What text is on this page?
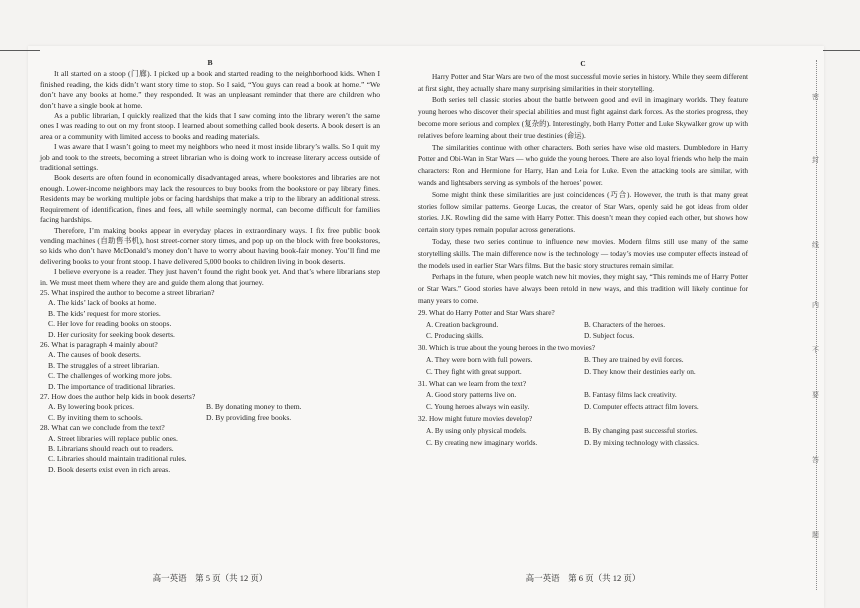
B

It all started on a stoop (门廊). I picked up a book and started reading to the neighborhood kids. When I finished reading, the kids didn’t want story time to stop. So I said, “You guys can read a book at home.” “We don’t have any books at home.” they responded. It was an unpleasant reminder that there are children who don’t have a single book at home.

As a public librarian, I quickly realized that the kids that I saw coming into the library weren’t the same ones I was reading to out on my front stoop. I learned about something called book deserts. A book desert is an area or a community with limited access to books and reading materials.

I was aware that I wasn’t going to meet my neighbors who need it most inside library’s walls. So I quit my job and took to the streets, becoming a street librarian who is doing work to increase literary access outside of traditional settings.

Book deserts are often found in economically disadvantaged areas, where bookstores and libraries are not enough. Lower-income neighbors may lack the resources to buy books from the bookstore or pay library fines. Residents may be working multiple jobs or facing hardships that make a trip to the library an additional stress. Requirement of identification, fines and fees, all while seemingly normal, can become difficult for families facing hardships.

Therefore, I’m making books appear in everyday places in extraordinary ways. I fix free public book vending machines (自助售书机), host street-corner story times, and pop up on the block with free bookstores, so kids who don’t have McDonald’s money don’t have to worry about having book-fair money. You’ll find me delivering books to your front stoop. I have delivered 5,000 books to children living in book deserts.

I believe everyone is a reader. They just haven’t found the right book yet. And that’s where librarians step in. We must meet them where they are and guide them along that journey.

25. What inspired the author to become a street librarian?

A. The kids’ lack of books at home.

B. The kids’ request for more stories.

C. Her love for reading books on stoops.

D. Her curiosity for seeking book deserts.

26. What is paragraph 4 mainly about?

A. The causes of book deserts.

B. The struggles of a street librarian.

C. The challenges of working more jobs.

D. The importance of traditional libraries.

27. How does the author help kids in book deserts?

A. By lowering book prices.	B. By donating money to them.
C. By inviting them to schools.	D. By providing free books.

28. What can we conclude from the text?

A. Street libraries will replace public ones.

B. Librarians should reach out to readers.

C. Libraries should maintain traditional rules.

D. Book deserts exist even in rich areas.

高一英语　第 5 页（共 12 页）
C

Harry Potter and Star Wars are two of the most successful movie series in history. While they seem different at first sight, they actually share many surprising similarities in their storytelling.

Both series tell classic stories about the battle between good and evil in imaginary worlds. They feature young heroes who discover their special abilities and must fight against dark forces. As the stories progress, they become more serious and complex (复杂的). Interestingly, both Harry Potter and Luke Skywalker grow up with relatives before learning about their true destinies (命运).

The similarities continue with other characters. Both series have wise old masters. Dumbledore in Harry Potter and Obi-Wan in Star Wars — who guide the young heroes. There are also loyal friends who help the main characters: Ron and Hermione for Harry, Han and Leia for Luke. Even the attacking tools are similar, with wands and lightsabers serving as symbols of the heroes’ power.

Some might think these similarities are just coincidences (巧合). However, the truth is that many great stories follow similar patterns. George Lucas, the creator of Star Wars, openly said he got ideas from older stories. J.K. Rowling did the same with Harry Potter. This doesn’t mean they copied each other, but shows how certain story types remain popular across generations.

Today, these two series continue to influence new movies. Modern films still use many of the same storytelling skills. The main difference now is the technology — today’s movies use computer effects instead of the models used in earlier Star Wars films. But the basic story structures remain similar.

Perhaps in the future, when people watch new hit movies, they might say, “This reminds me of Harry Potter or Star Wars.” Good stories have always been retold in new ways, and this tradition will likely continue for many years to come.

29. What do Harry Potter and Star Wars share?

A. Creation background.	B. Characters of the heroes.
C. Producing skills.	D. Subject focus.

30. Which is true about the young heroes in the two movies?

A. They were born with full powers.	B. They are trained by evil forces.
C. They fight with great support.	D. They know their destinies early on.

31. What can we learn from the text?

A. Good story patterns live on.	B. Fantasy films lack creativity.
C. Young heroes always win easily.	D. Computer effects attract film lovers.

32. How might future movies develop?

A. By using only physical models.	B. By changing past successful stories.
C. By creating new imaginary worlds.	D. By mixing technology with classics.
高一英语　第 6 页（共 12 页）
密
封
线
内
不
要
答
题
